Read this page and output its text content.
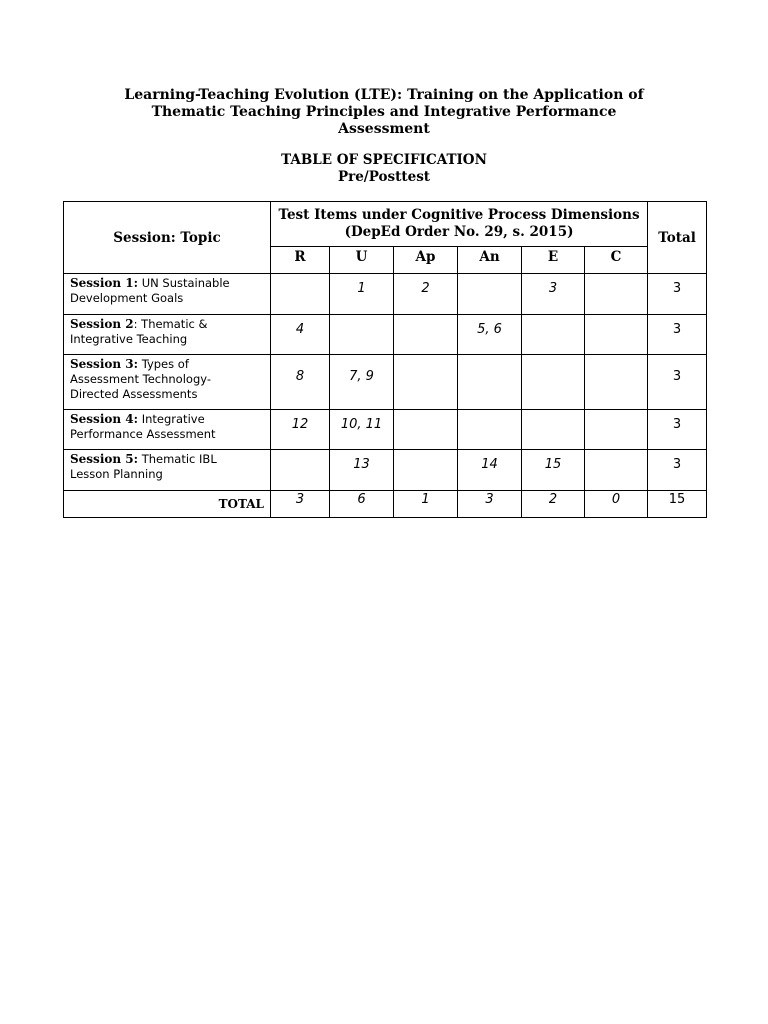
Learning-Teaching Evolution (LTE): Training on the Application of
Thematic Teaching Principles and Integrative Performance
Assessment
TABLE OF SPECIFICATION
Pre/Posttest
Session: Topic	Test Items under Cognitive Process Dimensions
(DepEd Order No. 29, s. 2015)						Total
	R	U	Ap	An	E	C	
Session 1: UN Sustainable
Development Goals		1	2		3		3
Session 2: Thematic &
Integrative Teaching	4			5, 6			3
Session 3: Types of
Assessment Technology-
Directed Assessments	8	7, 9					3
Session 4: Integrative
Performance Assessment	12	10, 11					3
Session 5: Thematic IBL
Lesson Planning		13		14	15		3
TOTAL	3	6	1	3	2	0	15
